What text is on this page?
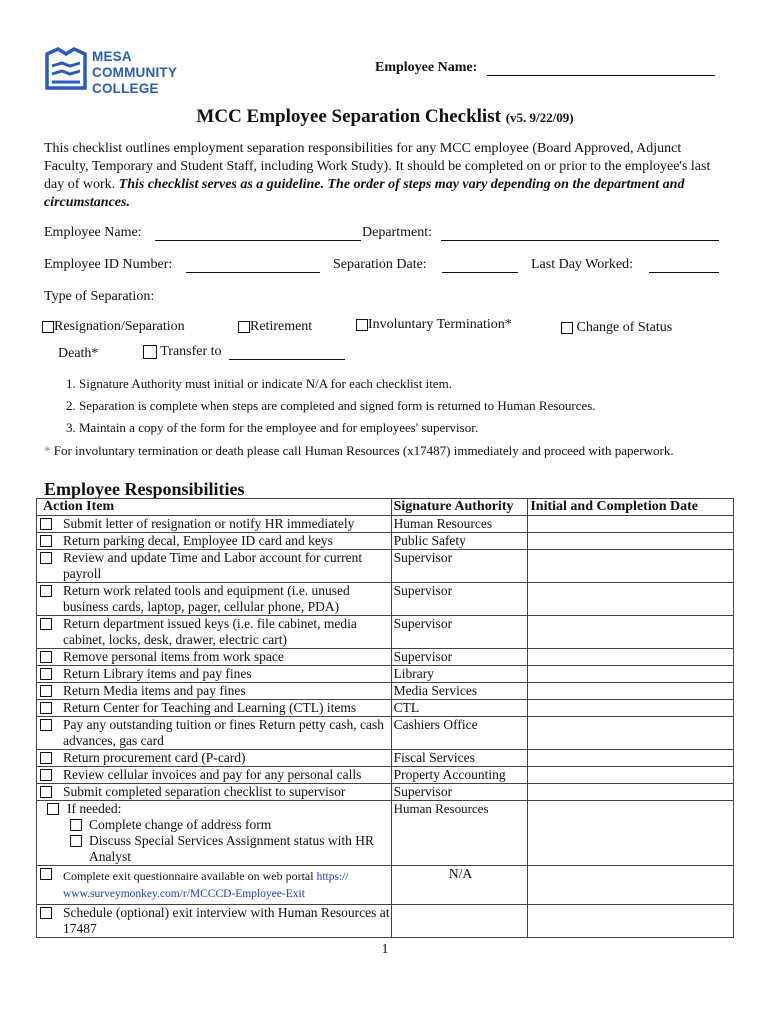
MESA
COMMUNITY
COLLEGE
Employee Name:
MCC Employee Separation Checklist (v5. 9/22/09)
This checklist outlines employment separation responsibilities for any MCC employee (Board Approved, Adjunct Faculty, Temporary and Student Staff, including Work Study). It should be completed on or prior to the employee's last day of work. This checklist serves as a guideline. The order of steps may vary depending on the department and circumstances.
Employee Name:	Department:
Employee ID Number:	Separation Date:	Last Day Worked:
Type of Separation:
Resignation/Separation	Retirement	Involuntary Termination*	Change of Status
Death*	Transfer to
1. Signature Authority must initial or indicate N/A for each checklist item.
2. Separation is complete when steps are completed and signed form is returned to Human Resources.
3. Maintain a copy of the form for the employee and for employees' supervisor.
* For involuntary termination or death please call Human Resources (x17487) immediately and proceed with paperwork.
Employee Responsibilities
Action Item	Signature Authority	Initial and Completion Date

Submit letter of resignation or notify HR immediately	Human Resources	

Return parking decal, Employee ID card and keys	Public Safety	

Review and update Time and Labor account for current payroll	Supervisor	

Return work related tools and equipment (i.e. unused business cards, laptop, pager, cellular phone, PDA)	Supervisor	

Return department issued keys (i.e. file cabinet, media cabinet, locks, desk, drawer, electric cart)	Supervisor	

Remove personal items from work space	Supervisor	

Return Library items and pay fines	Library	

Return Media items and pay fines	Media Services	

Return Center for Teaching and Learning (CTL) items	CTL	

Pay any outstanding tuition or fines Return petty cash, cash advances, gas card	Cashiers Office	

Return procurement card (P-card)	Fiscal Services	

Review cellular invoices and pay for any personal calls	Property Accounting	

Submit completed separation checklist to supervisor	Supervisor	

If needed:
Complete change of address form
Discuss Special Services Assignment status with HR Analyst	Human Resources	

Complete exit questionnaire available on web portal https://
www.surveymonkey.com/r/MCCCD-Employee-Exit	N/A	

Schedule (optional) exit interview with Human Resources at 17487		
1
